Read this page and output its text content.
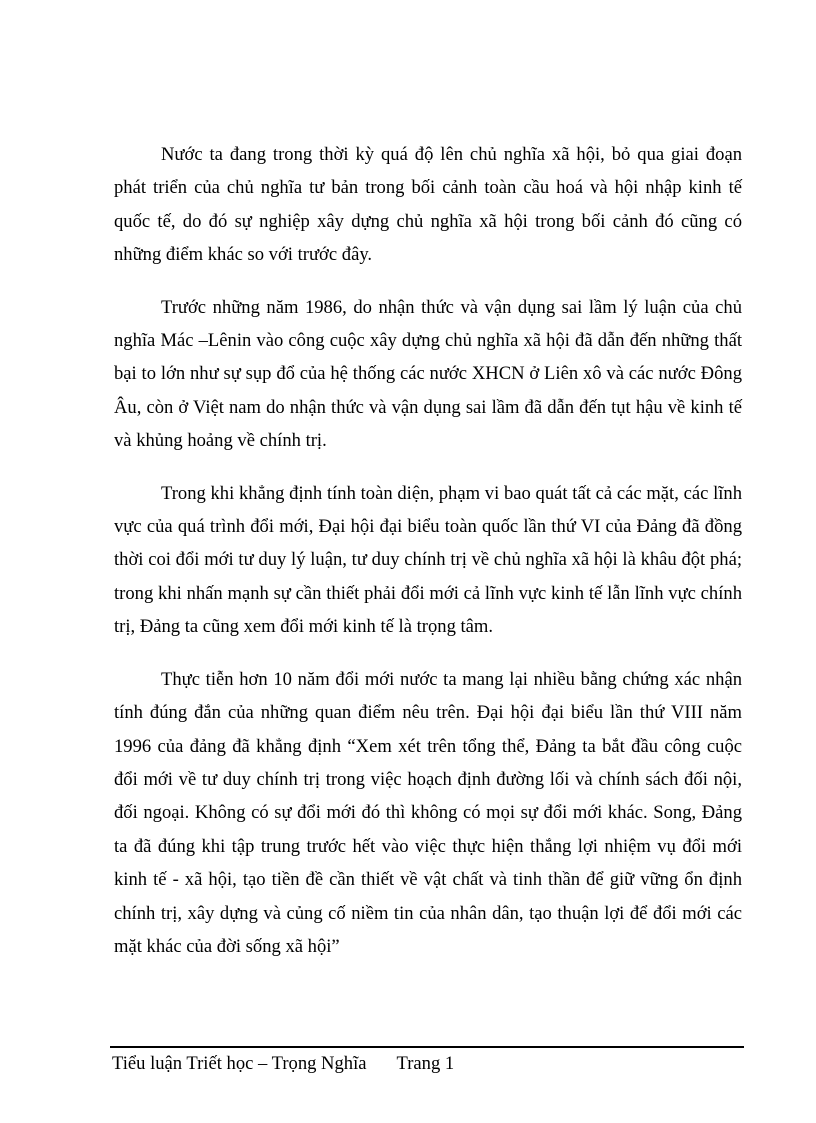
Nước ta đang trong thời kỳ quá độ lên chủ nghĩa xã hội, bỏ qua giai đoạn phát triển của chủ nghĩa tư bản trong bối cảnh toàn cầu hoá và hội nhập kinh tế quốc tế, do đó sự nghiệp xây dựng chủ nghĩa xã hội trong bối cảnh đó cũng có những điểm khác so với trước đây.

Trước những năm 1986, do nhận thức và vận dụng sai lầm lý luận của chủ nghĩa Mác –Lênin vào công cuộc xây dựng chủ nghĩa xã hội đã dẫn đến những thất bại to lớn như sự sụp đổ của hệ thống các nước XHCN ở Liên xô và các nước Đông Âu, còn ở Việt nam do nhận thức và vận dụng sai lầm đã dẫn đến tụt hậu về kinh tế và khủng hoảng về chính trị.

Trong khi khẳng định tính toàn diện, phạm vi bao quát tất cả các mặt, các lĩnh vực của quá trình đổi mới, Đại hội đại biểu toàn quốc lần thứ VI của Đảng đã đồng thời coi đổi mới tư duy lý luận, tư duy chính trị về chủ nghĩa xã hội là khâu đột phá; trong khi nhấn mạnh sự cần thiết phải đổi mới cả lĩnh vực kinh tế lẫn lĩnh vực chính trị, Đảng ta cũng xem đổi mới kinh tế là trọng tâm.

Thực tiễn hơn 10 năm đổi mới nước ta mang lại nhiều bằng chứng xác nhận tính đúng đắn của những quan điểm nêu trên. Đại hội đại biểu lần thứ VIII năm 1996 của đảng đã khẳng định “Xem xét trên tổng thể, Đảng ta bắt đầu công cuộc đổi mới về tư duy chính trị trong việc hoạch định đường lối và chính sách đối nội, đối ngoại. Không có sự đổi mới đó thì không có mọi sự đổi mới khác. Song, Đảng ta đã đúng khi tập trung trước hết vào việc thực hiện thắng lợi nhiệm vụ đổi mới kinh tế - xã hội, tạo tiền đề cần thiết về vật chất và tinh thần để giữ vững ổn định chính trị, xây dựng và củng cố niềm tin của nhân dân, tạo thuận lợi để đổi mới các mặt khác của đời sống xã hội”

Tiểu luận Triết học – Trọng Nghĩa Trang 1
